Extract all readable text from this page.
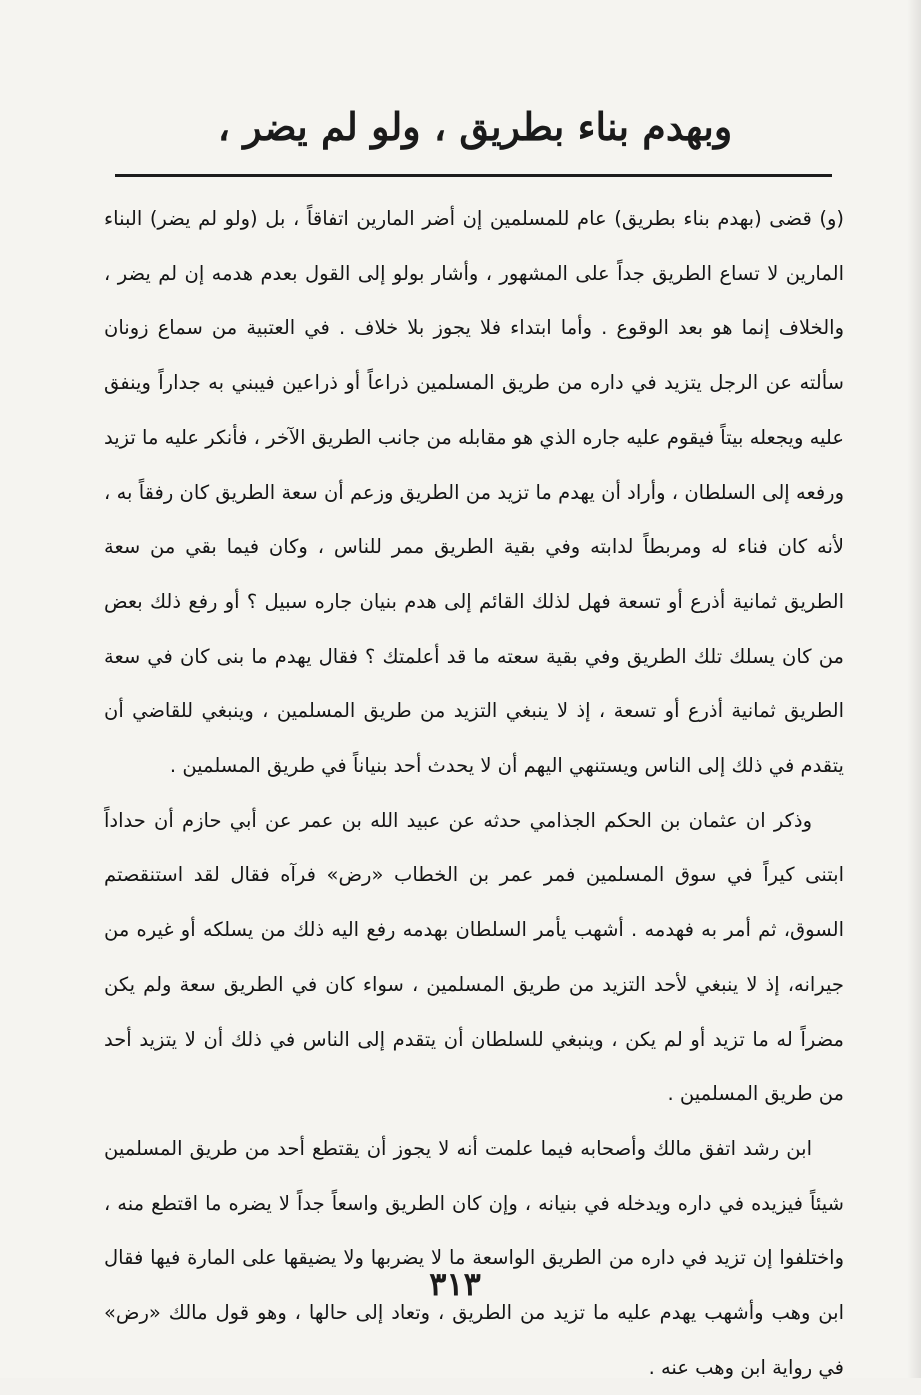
وبهدم بناء بطريق ، ولو لم يضر ،

(و) قضى (بهدم بناء بطريق) عام للمسلمين إن أضر المارين اتفاقاً ، بل (ولو لم يضر) البناء المارين لا تساع الطريق جداً على المشهور ، وأشار بولو إلى القول بعدم هدمه إن لم يضر ، والخلاف إنما هو بعد الوقوع . وأما ابتداء فلا يجوز بلا خلاف . في العتبية من سماع زونان سألته عن الرجل يتزيد في داره من طريق المسلمين ذراعاً أو ذراعين فيبني به جداراً وينفق عليه ويجعله بيتاً فيقوم عليه جاره الذي هو مقابله من جانب الطريق الآخر ، فأنكر عليه ما تزيد ورفعه إلى السلطان ، وأراد أن يهدم ما تزيد من الطريق وزعم أن سعة الطريق كان رفقاً به ، لأنه كان فناء له ومربطاً لدابته وفي بقية الطريق ممر للناس ، وكان فيما بقي من سعة الطريق ثمانية أذرع أو تسعة فهل لذلك القائم إلى هدم بنيان جاره سبيل ؟ أو رفع ذلك بعض من كان يسلك تلك الطريق وفي بقية سعته ما قد أعلمتك ؟ فقال يهدم ما بنى كان في سعة الطريق ثمانية أذرع أو تسعة ، إذ لا ينبغي التزيد من طريق المسلمين ، وينبغي للقاضي أن يتقدم في ذلك إلى الناس ويستنهي اليهم أن لا يحدث أحد بنياناً في طريق المسلمين .

وذكر ان عثمان بن الحكم الجذامي حدثه عن عبيد الله بن عمر عن أبي حازم أن حداداً ابتنى كيراً في سوق المسلمين فمر عمر بن الخطاب «رض» فرآه فقال لقد استنقصتم السوق، ثم أمر به فهدمه . أشهب يأمر السلطان بهدمه رفع اليه ذلك من يسلكه أو غيره من جيرانه، إذ لا ينبغي لأحد التزيد من طريق المسلمين ، سواء كان في الطريق سعة ولم يكن مضراً له ما تزيد أو لم يكن ، وينبغي للسلطان أن يتقدم إلى الناس في ذلك أن لا يتزيد أحد من طريق المسلمين .

ابن رشد اتفق مالك وأصحابه فيما علمت أنه لا يجوز أن يقتطع أحد من طريق المسلمين شيئاً فيزيده في داره ويدخله في بنيانه ، وإن كان الطريق واسعاً جداً لا يضره ما اقتطع منه ، واختلفوا إن تزيد في داره من الطريق الواسعة ما لا يضربها ولا يضيقها على المارة فيها فقال ابن وهب وأشهب يهدم عليه ما تزيد من الطريق ، وتعاد إلى حالها ، وهو قول مالك «رض» في رواية ابن وهب عنه .

٣١٣
